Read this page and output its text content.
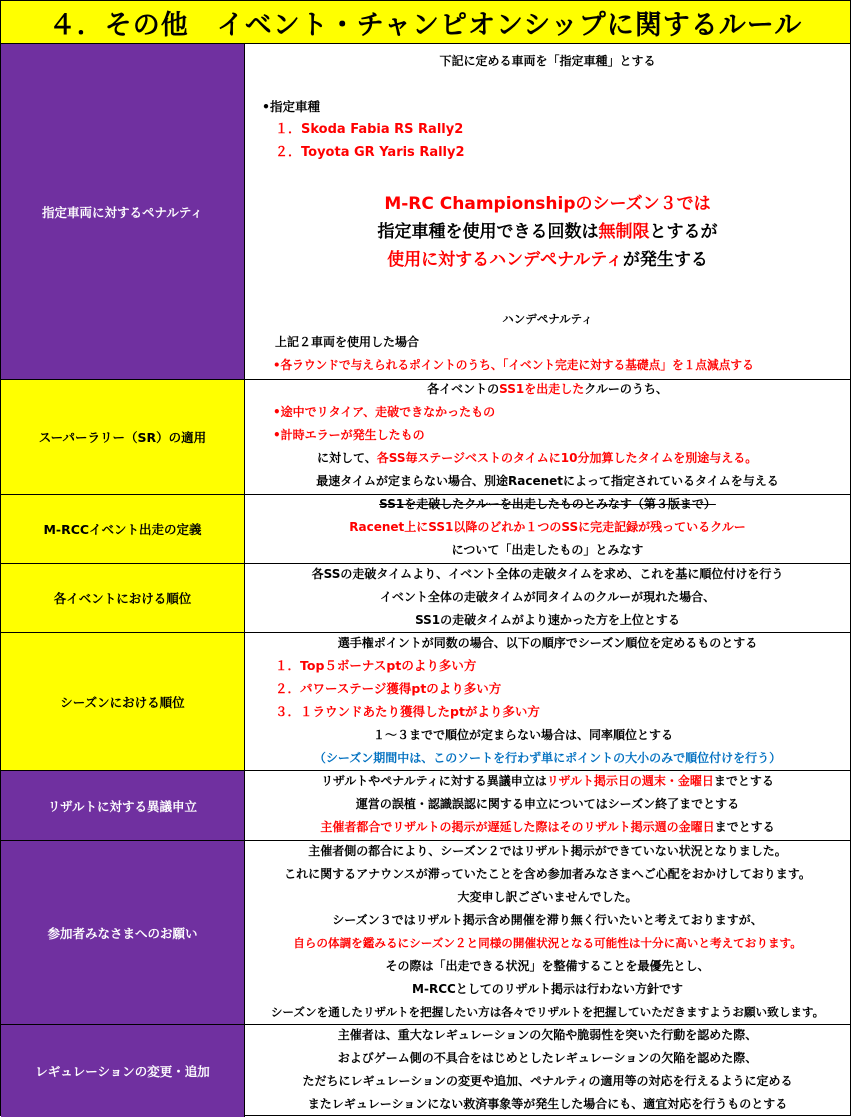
４．その他　イベント・チャンピオンシップに関するルール
指定車両に対するペナルティ
下記に定める車両を「指定車種」とする
•指定車種
１．Skoda Fabia RS Rally2
２．Toyota GR Yaris Rally2
M-RC Championshipのシーズン３では
指定車種を使用できる回数は無制限とするが
使用に対するハンデペナルティが発生する
ハンデペナルティ
上記２車両を使用した場合
•各ラウンドで与えられるポイントのうち、「イベント完走に対する基礎点」を１点減点する
スーパーラリー（SR）の適用
各イベントのSS1を出走したクルーのうち、
•途中でリタイア、走破できなかったもの
•計時エラーが発生したもの
に対して、各SS毎ステージベストのタイムに10分加算したタイムを別途与える。
最速タイムが定まらない場合、別途Racenetによって指定されているタイムを与える
M-RCCイベント出走の定義
SS1を走破したクルーを出走したものとみなす（第３版まで）
Racenet上にSS1以降のどれか１つのSSに完走記録が残っているクルー
について「出走したもの」とみなす
各イベントにおける順位
各SSの走破タイムより、イベント全体の走破タイムを求め、これを基に順位付けを行う
イベント全体の走破タイムが同タイムのクルーが現れた場合、
SS1の走破タイムがより速かった方を上位とする
シーズンにおける順位
選手権ポイントが同数の場合、以下の順序でシーズン順位を定めるものとする
１．Top５ボーナスptのより多い方
２．パワーステージ獲得ptのより多い方
３．１ラウンドあたり獲得したptがより多い方
１～３までで順位が定まらない場合は、同率順位とする
（シーズン期間中は、このソートを行わず単にポイントの大小のみで順位付けを行う）
リザルトに対する異議申立
リザルトやペナルティに対する異議申立はリザルト掲示日の週末・金曜日までとする
運営の誤植・認識誤認に関する申立についてはシーズン終了までとする
主催者都合でリザルトの掲示が遅延した際はそのリザルト掲示週の金曜日までとする
参加者みなさまへのお願い
主催者側の都合により、シーズン２ではリザルト掲示ができていない状況となりました。
これに関するアナウンスが滞っていたことを含め参加者みなさまへご心配をおかけしております。
大変申し訳ございませんでした。
シーズン３ではリザルト掲示含め開催を滞り無く行いたいと考えておりますが、
自らの体調を鑑みるにシーズン２と同様の開催状況となる可能性は十分に高いと考えております。
その際は「出走できる状況」を整備することを最優先とし、
M-RCCとしてのリザルト掲示は行わない方針です
シーズンを通したリザルトを把握したい方は各々でリザルトを把握していただきますようお願い致します。
レギュレーションの変更・追加
主催者は、重大なレギュレーションの欠陥や脆弱性を突いた行動を認めた際、
およびゲーム側の不具合をはじめとしたレギュレーションの欠陥を認めた際、
ただちにレギュレーションの変更や追加、ペナルティの適用等の対応を行えるように定める
またレギュレーションにない救済事象等が発生した場合にも、適宜対応を行うものとする
